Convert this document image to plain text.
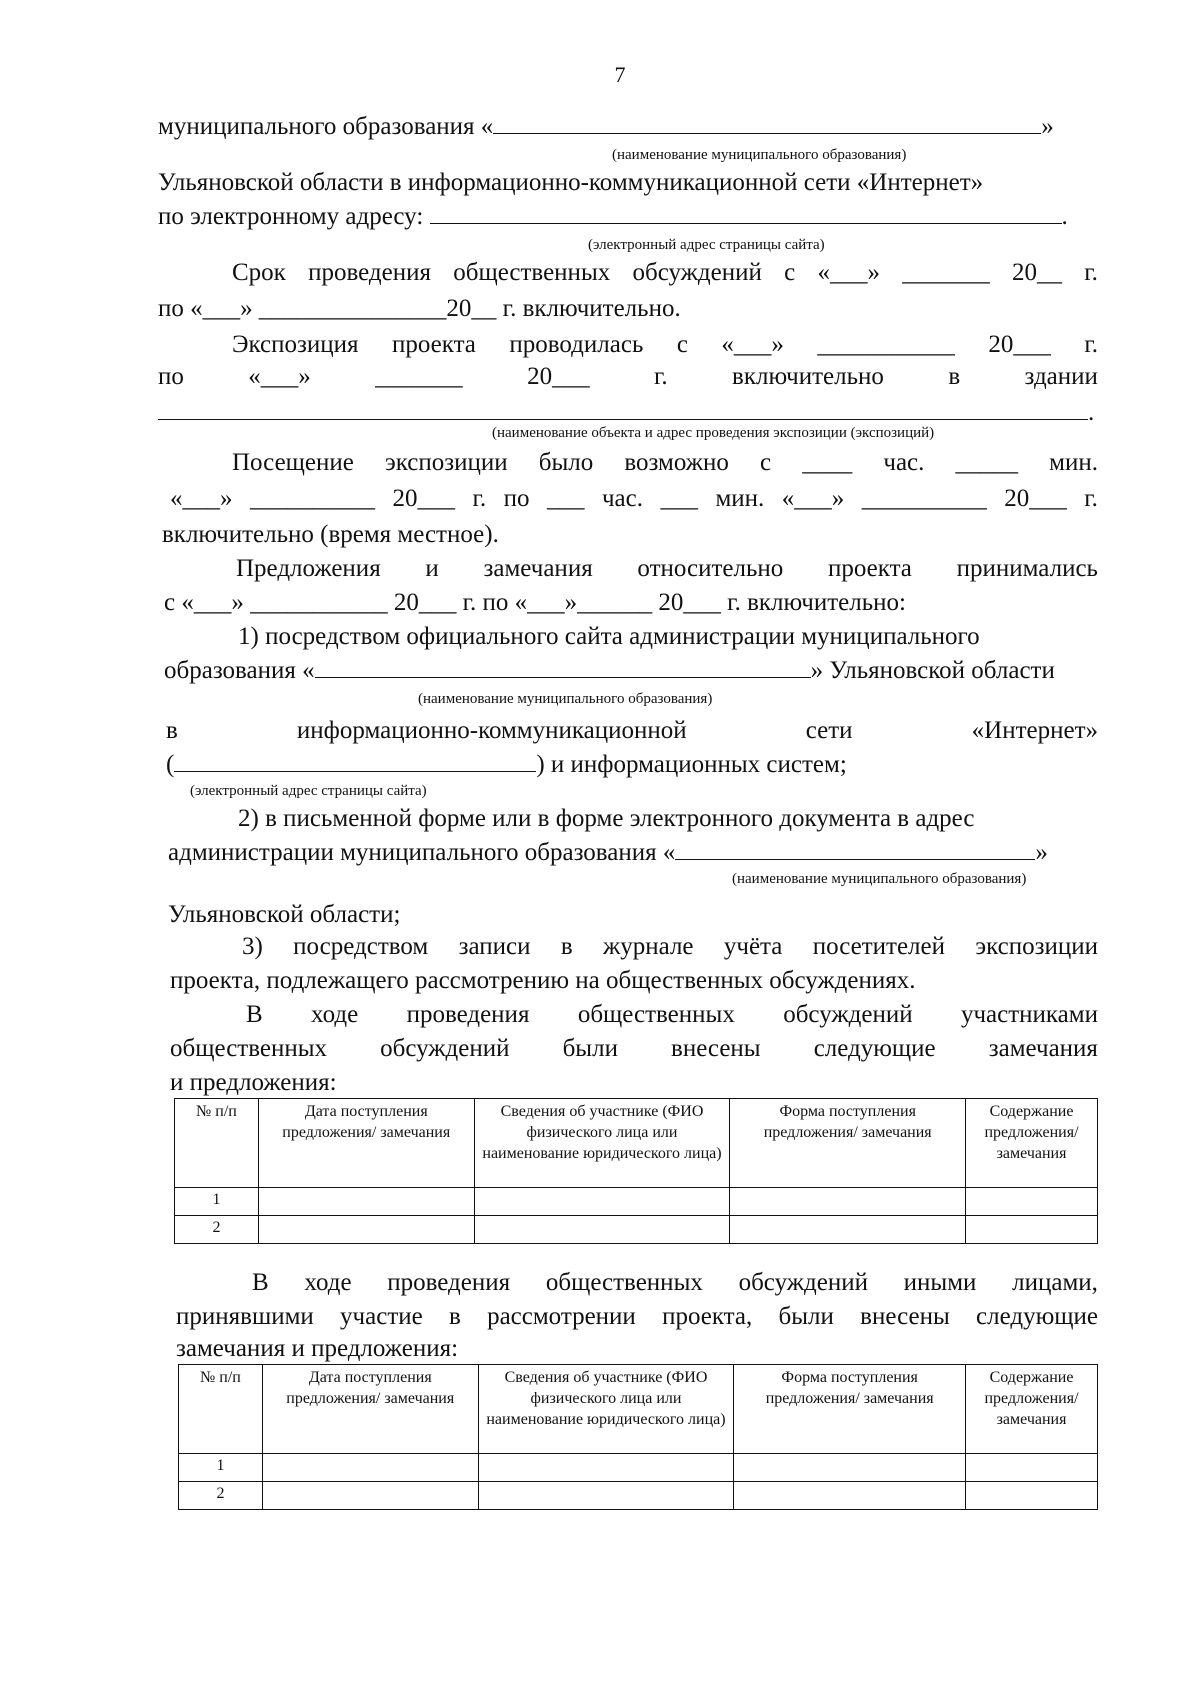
7
муниципального образования «	»
(наименование муниципального образования)
Ульяновской области в информационно-коммуникационной сети «Интернет»
по электронному адресу:	.
(электронный адрес страницы сайта)
Срок проведения общественных обсуждений с «___» _______ 20__ г.
по «___» _______________20__ г. включительно.
Экспозиция проекта проводилась с «___» ___________ 20___ г.
по	«___»	_______	20___	г.	включительно	в	здании
.
(наименование объекта и адрес проведения экспозиции (экспозиций)
Посещение экспозиции было возможно с ____ час. _____ мин.
«___» __________ 20___ г. по ___ час. ___ мин. «___» __________ 20___ г.
включительно (время местное).
Предложения и замечания относительно проекта принимались
с «___» ___________ 20___ г. по «___»______ 20___ г. включительно:
1) посредством официального сайта администрации муниципального
образования «	» Ульяновской области
(наименование муниципального образования)
в	информационно-коммуникационной	сети	«Интернет»
(	) и информационных систем;
(электронный адрес страницы сайта)
2) в письменной форме или в форме электронного документа в адрес
администрации муниципального образования «	»
(наименование муниципального образования)
Ульяновской области;
3) посредством записи в журнале учёта посетителей экспозиции
проекта, подлежащего рассмотрению на общественных обсуждениях.
В ходе проведения общественных обсуждений участниками
общественных обсуждений были внесены следующие замечания
и предложения:
№ п/п	Дата поступления предложения/ замечания	Сведения об участнике (ФИО физического лица или наименование юридического лица)	Форма поступления предложения/ замечания	Содержание предложения/ замечания
1				
2				
В ходе проведения общественных обсуждений иными лицами,
принявшими участие в рассмотрении проекта, были внесены следующие
замечания и предложения:
№ п/п	Дата поступления предложения/ замечания	Сведения об участнике (ФИО физического лица или наименование юридического лица)	Форма поступления предложения/ замечания	Содержание предложения/ замечания
1				
2				
